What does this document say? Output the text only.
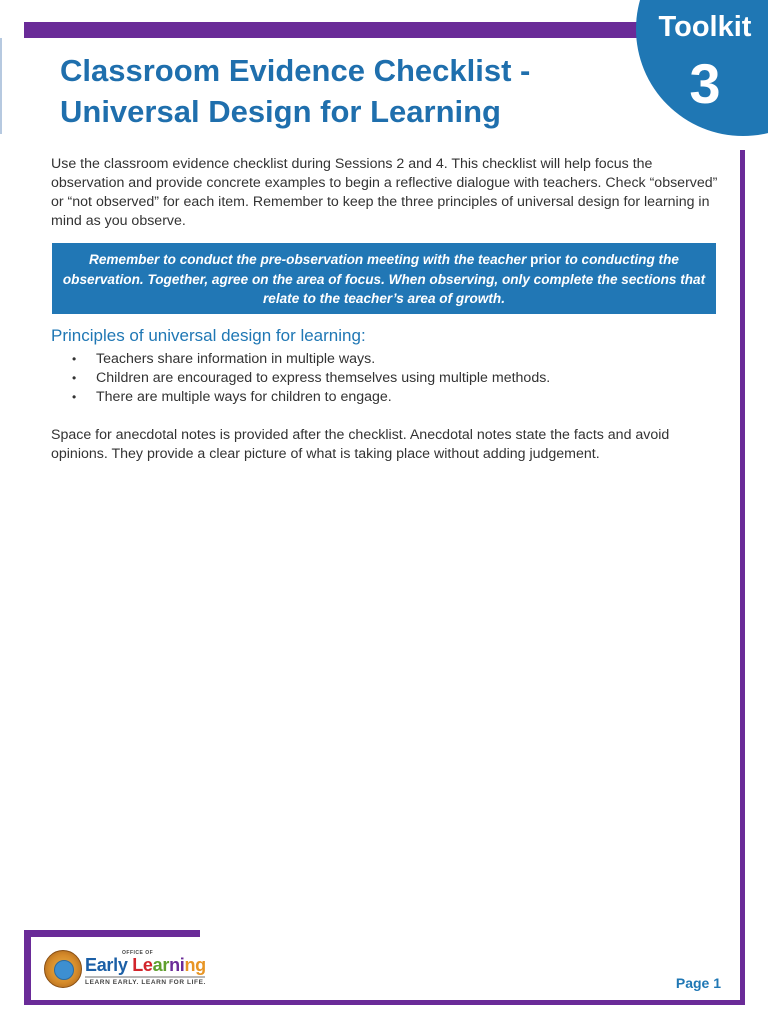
Toolkit
3
Classroom Evidence Checklist -
Universal Design for Learning

Use the classroom evidence checklist during Sessions 2 and 4. This checklist will help focus the observation and provide concrete examples to begin a reflective dialogue with teachers. Check “observed” or “not observed” for each item. Remember to keep the three principles of universal design for learning in mind as you observe.

Remember to conduct the pre-observation meeting with the teacher prior to conducting the observation. Together, agree on the area of focus. When observing, only complete the sections that relate to the teacher’s area of growth.
Principles of universal design for learning:
• Teachers share information in multiple ways.
• Children are encouraged to express themselves using multiple methods.
• There are multiple ways for children to engage.

Space for anecdotal notes is provided after the checklist. Anecdotal notes state the facts and avoid opinions. They provide a clear picture of what is taking place without adding judgement.

OFFICE OF
Early Learning
LEARN EARLY. LEARN FOR LIFE.	Page 1
